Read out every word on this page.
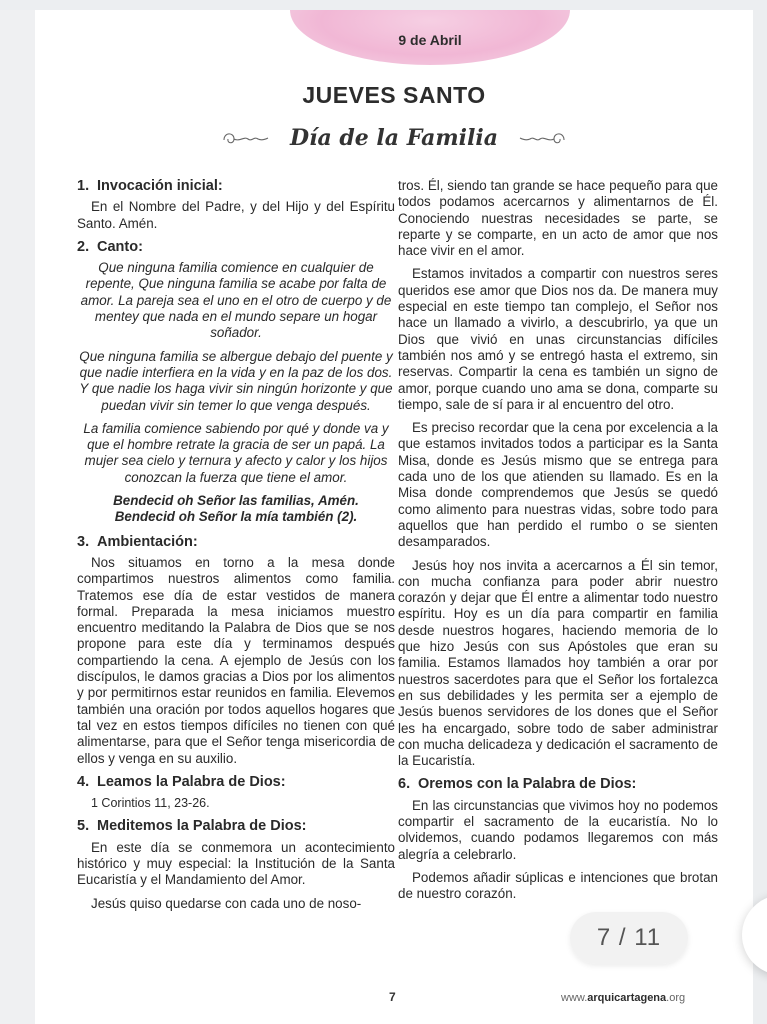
9 de Abril
JUEVES SANTO
Día de la Familia
1. Invocación inicial:

En el Nombre del Padre, y del Hijo y del Espíritu Santo. Amén.

2. Canto:

Que ninguna familia comience en cualquier de repente, Que ninguna familia se acabe por falta de amor. La pareja sea el uno en el otro de cuerpo y de mentey que nada en el mundo separe un hogar soñador.

Que ninguna familia se albergue debajo del puente y que nadie interfiera en la vida y en la paz de los dos. Y que nadie los haga vivir sin ningún horizonte y que puedan vivir sin temer lo que venga después.

La familia comience sabiendo por qué y donde va y que el hombre retrate la gracia de ser un papá. La mujer sea cielo y ternura y afecto y calor y los hijos conozcan la fuerza que tiene el amor.

Bendecid oh Señor las familias, Amén.
Bendecid oh Señor la mía también (2).
3. Ambientación:

Nos situamos en torno a la mesa donde compartimos nuestros alimentos como familia. Tratemos ese día de estar vestidos de manera formal. Preparada la mesa iniciamos muestro encuentro meditando la Palabra de Dios que se nos propone para este día y terminamos después compartiendo la cena. A ejemplo de Jesús con los discípulos, le damos gracias a Dios por los alimentos y por permitirnos estar reunidos en familia. Elevemos también una oración por todos aquellos hogares que tal vez en estos tiempos difíciles no tienen con qué alimentarse, para que el Señor tenga misericordia de ellos y venga en su auxilio.

4. Leamos la Palabra de Dios:

1 Corintios 11, 23-26.

5. Meditemos la Palabra de Dios:

En este día se conmemora un acontecimiento histórico y muy especial: la Institución de la Santa Eucaristía y el Mandamiento del Amor.

Jesús quiso quedarse con cada uno de noso-

tros. Él, siendo tan grande se hace pequeño para que todos podamos acercarnos y alimentarnos de Él. Conociendo nuestras necesidades se parte, se reparte y se comparte, en un acto de amor que nos hace vivir en el amor.

Estamos invitados a compartir con nuestros seres queridos ese amor que Dios nos da. De manera muy especial en este tiempo tan complejo, el Señor nos hace un llamado a vivirlo, a descubrirlo, ya que un Dios que vivió en unas circunstancias difíciles también nos amó y se entregó hasta el extremo, sin reservas. Compartir la cena es también un signo de amor, porque cuando uno ama se dona, comparte su tiempo, sale de sí para ir al encuentro del otro.

Es preciso recordar que la cena por excelencia a la que estamos invitados todos a participar es la Santa Misa, donde es Jesús mismo que se entrega para cada uno de los que atienden su llamado. Es en la Misa donde comprendemos que Jesús se quedó como alimento para nuestras vidas, sobre todo para aquellos que han perdido el rumbo o se sienten desamparados.

Jesús hoy nos invita a acercarnos a Él sin temor, con mucha confianza para poder abrir nuestro corazón y dejar que Él entre a alimentar todo nuestro espíritu. Hoy es un día para compartir en familia desde nuestros hogares, haciendo memoria de lo que hizo Jesús con sus Apóstoles que eran su familia. Estamos llamados hoy también a orar por nuestros sacerdotes para que el Señor los fortalezca en sus debilidades y les permita ser a ejemplo de Jesús buenos servidores de los dones que el Señor les ha encargado, sobre todo de saber administrar con mucha delicadeza y dedicación el sacramento de la Eucaristía.

6. Oremos con la Palabra de Dios:

En las circunstancias que vivimos hoy no podemos compartir el sacramento de la eucaristía. No lo olvidemos, cuando podamos llegaremos con más alegría a celebrarlo.

Podemos añadir súplicas e intenciones que brotan de nuestro corazón.

7	www.arquicartagena.org
7 / 11
